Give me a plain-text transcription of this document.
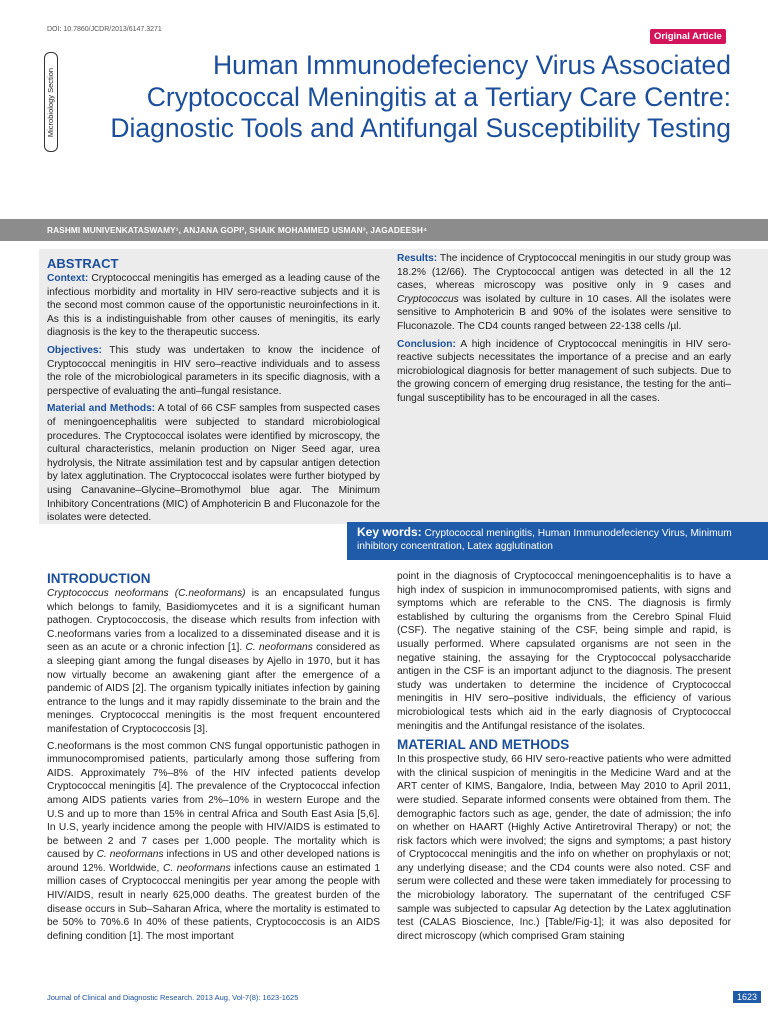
DOI: 10.7860/JCDR/2013/6147.3271
Original Article
Microbiology Section
Human Immunodefeciency Virus Associated Cryptococcal Meningitis at a Tertiary Care Centre: Diagnostic Tools and Antifungal Susceptibility Testing
RASHMI MUNIVENKATASWAMY¹, ANJANA GOPI², SHAIK MOHAMMED USMAN³, JAGADEESH⁴
ABSTRACT

Context: Cryptococcal meningitis has emerged as a leading cause of the infectious morbidity and mortality in HIV sero-reactive subjects and it is the second most common cause of the opportunistic neuroinfections in it. As this is a indistinguishable from other causes of meningitis, its early diagnosis is the key to the therapeutic success.

Objectives: This study was undertaken to know the incidence of Cryptococcal meningitis in HIV sero–reactive individuals and to assess the role of the microbiological parameters in its specific diagnosis, with a perspective of evaluating the anti–fungal resistance.

Material and Methods: A total of 66 CSF samples from suspected cases of meningoencephalitis were subjected to standard microbiological procedures. The Cryptococcal isolates were identified by microscopy, the cultural characteristics, melanin production on Niger Seed agar, urea hydrolysis, the Nitrate assimilation test and by capsular antigen detection by latex agglutination. The Cryptococcal isolates were further biotyped by using Canavanine–Glycine–Bromothymol blue agar. The Minimum Inhibitory Concentrations (MIC) of Amphotericin B and Fluconazole for the isolates were detected.

Results: The incidence of Cryptococcal meningitis in our study group was 18.2% (12/66). The Cryptococcal antigen was detected in all the 12 cases, whereas microscopy was positive only in 9 cases and Cryptococcus was isolated by culture in 10 cases. All the isolates were sensitive to Amphotericin B and 90% of the isolates were sensitive to Fluconazole. The CD4 counts ranged between 22-138 cells /µl.

Conclusion: A high incidence of Cryptococcal meningitis in HIV sero-reactive subjects necessitates the importance of a precise and an early microbiological diagnosis for better management of such subjects. Due to the growing concern of emerging drug resistance, the testing for the anti–fungal susceptibility has to be encouraged in all the cases.

Key words: Cryptococcal meningitis, Human Immunodefeciency Virus, Minimum inhibitory concentration, Latex agglutination
INTRODUCTION

Cryptococcus neoformans (C.neoformans) is an encapsulated fungus which belongs to family, Basidiomycetes and it is a significant human pathogen. Cryptococcosis, the disease which results from infection with C.neoformans varies from a localized to a disseminated disease and it is seen as an acute or a chronic infection [1]. C. neoformans considered as a sleeping giant among the fungal diseases by Ajello in 1970, but it has now virtually become an awakening giant after the emergence of a pandemic of AIDS [2]. The organism typically initiates infection by gaining entrance to the lungs and it may rapidly disseminate to the brain and the meninges. Cryptococcal meningitis is the most frequent encountered manifestation of Cryptococcosis [3].

C.neoformans is the most common CNS fungal opportunistic pathogen in immunocompromised patients, particularly among those suffering from AIDS. Approximately 7%–8% of the HIV infected patients develop Cryptococcal meningitis [4]. The prevalence of the Cryptococcal infection among AIDS patients varies from 2%–10% in western Europe and the U.S and up to more than 15% in central Africa and South East Asia [5,6]. In U.S, yearly incidence among the people with HIV/AIDS is estimated to be between 2 and 7 cases per 1,000 people. The mortality which is caused by C. neoformans infections in US and other developed nations is around 12%. Worldwide, C. neoformans infections cause an estimated 1 million cases of Cryptococcal meningitis per year among the people with HIV/AIDS, result in nearly 625,000 deaths. The greatest burden of the disease occurs in Sub–Saharan Africa, where the mortality is estimated to be 50% to 70%.6 In 40% of these patients, Cryptococcosis is an AIDS defining condition [1]. The most important

point in the diagnosis of Cryptococcal meningoencephalitis is to have a high index of suspicion in immunocompromised patients, with signs and symptoms which are referable to the CNS. The diagnosis is firmly established by culturing the organisms from the Cerebro Spinal Fluid (CSF). The negative staining of the CSF, being simple and rapid, is usually performed. Where capsulated organisms are not seen in the negative staining, the assaying for the Cryptococcal polysaccharide antigen in the CSF is an important adjunct to the diagnosis. The present study was undertaken to determine the incidence of Cryptococcal meningitis in HIV sero–positive individuals, the efficiency of various microbiological tests which aid in the early diagnosis of Cryptococcal meningitis and the Antifungal resistance of the isolates.

MATERIAL AND METHODS

In this prospective study, 66 HIV sero-reactive patients who were admitted with the clinical suspicion of meningitis in the Medicine Ward and at the ART center of KIMS, Bangalore, India, between May 2010 to April 2011, were studied. Separate informed consents were obtained from them. The demographic factors such as age, gender, the date of admission; the info on whether on HAART (Highly Active Antiretroviral Therapy) or not; the risk factors which were involved; the signs and symptoms; a past history of Cryptococcal meningitis and the info on whether on prophylaxis or not; any underlying disease; and the CD4 counts were also noted. CSF and serum were collected and these were taken immediately for processing to the microbiology laboratory. The supernatant of the centrifuged CSF sample was subjected to capsular Ag detection by the Latex agglutination test (CALAS Bioscience, Inc.) [Table/Fig-1]; it was also deposited for direct microscopy (which comprised Gram staining

Journal of Clinical and Diagnostic Research. 2013 Aug, Vol-7(8): 1623-1625	1623
